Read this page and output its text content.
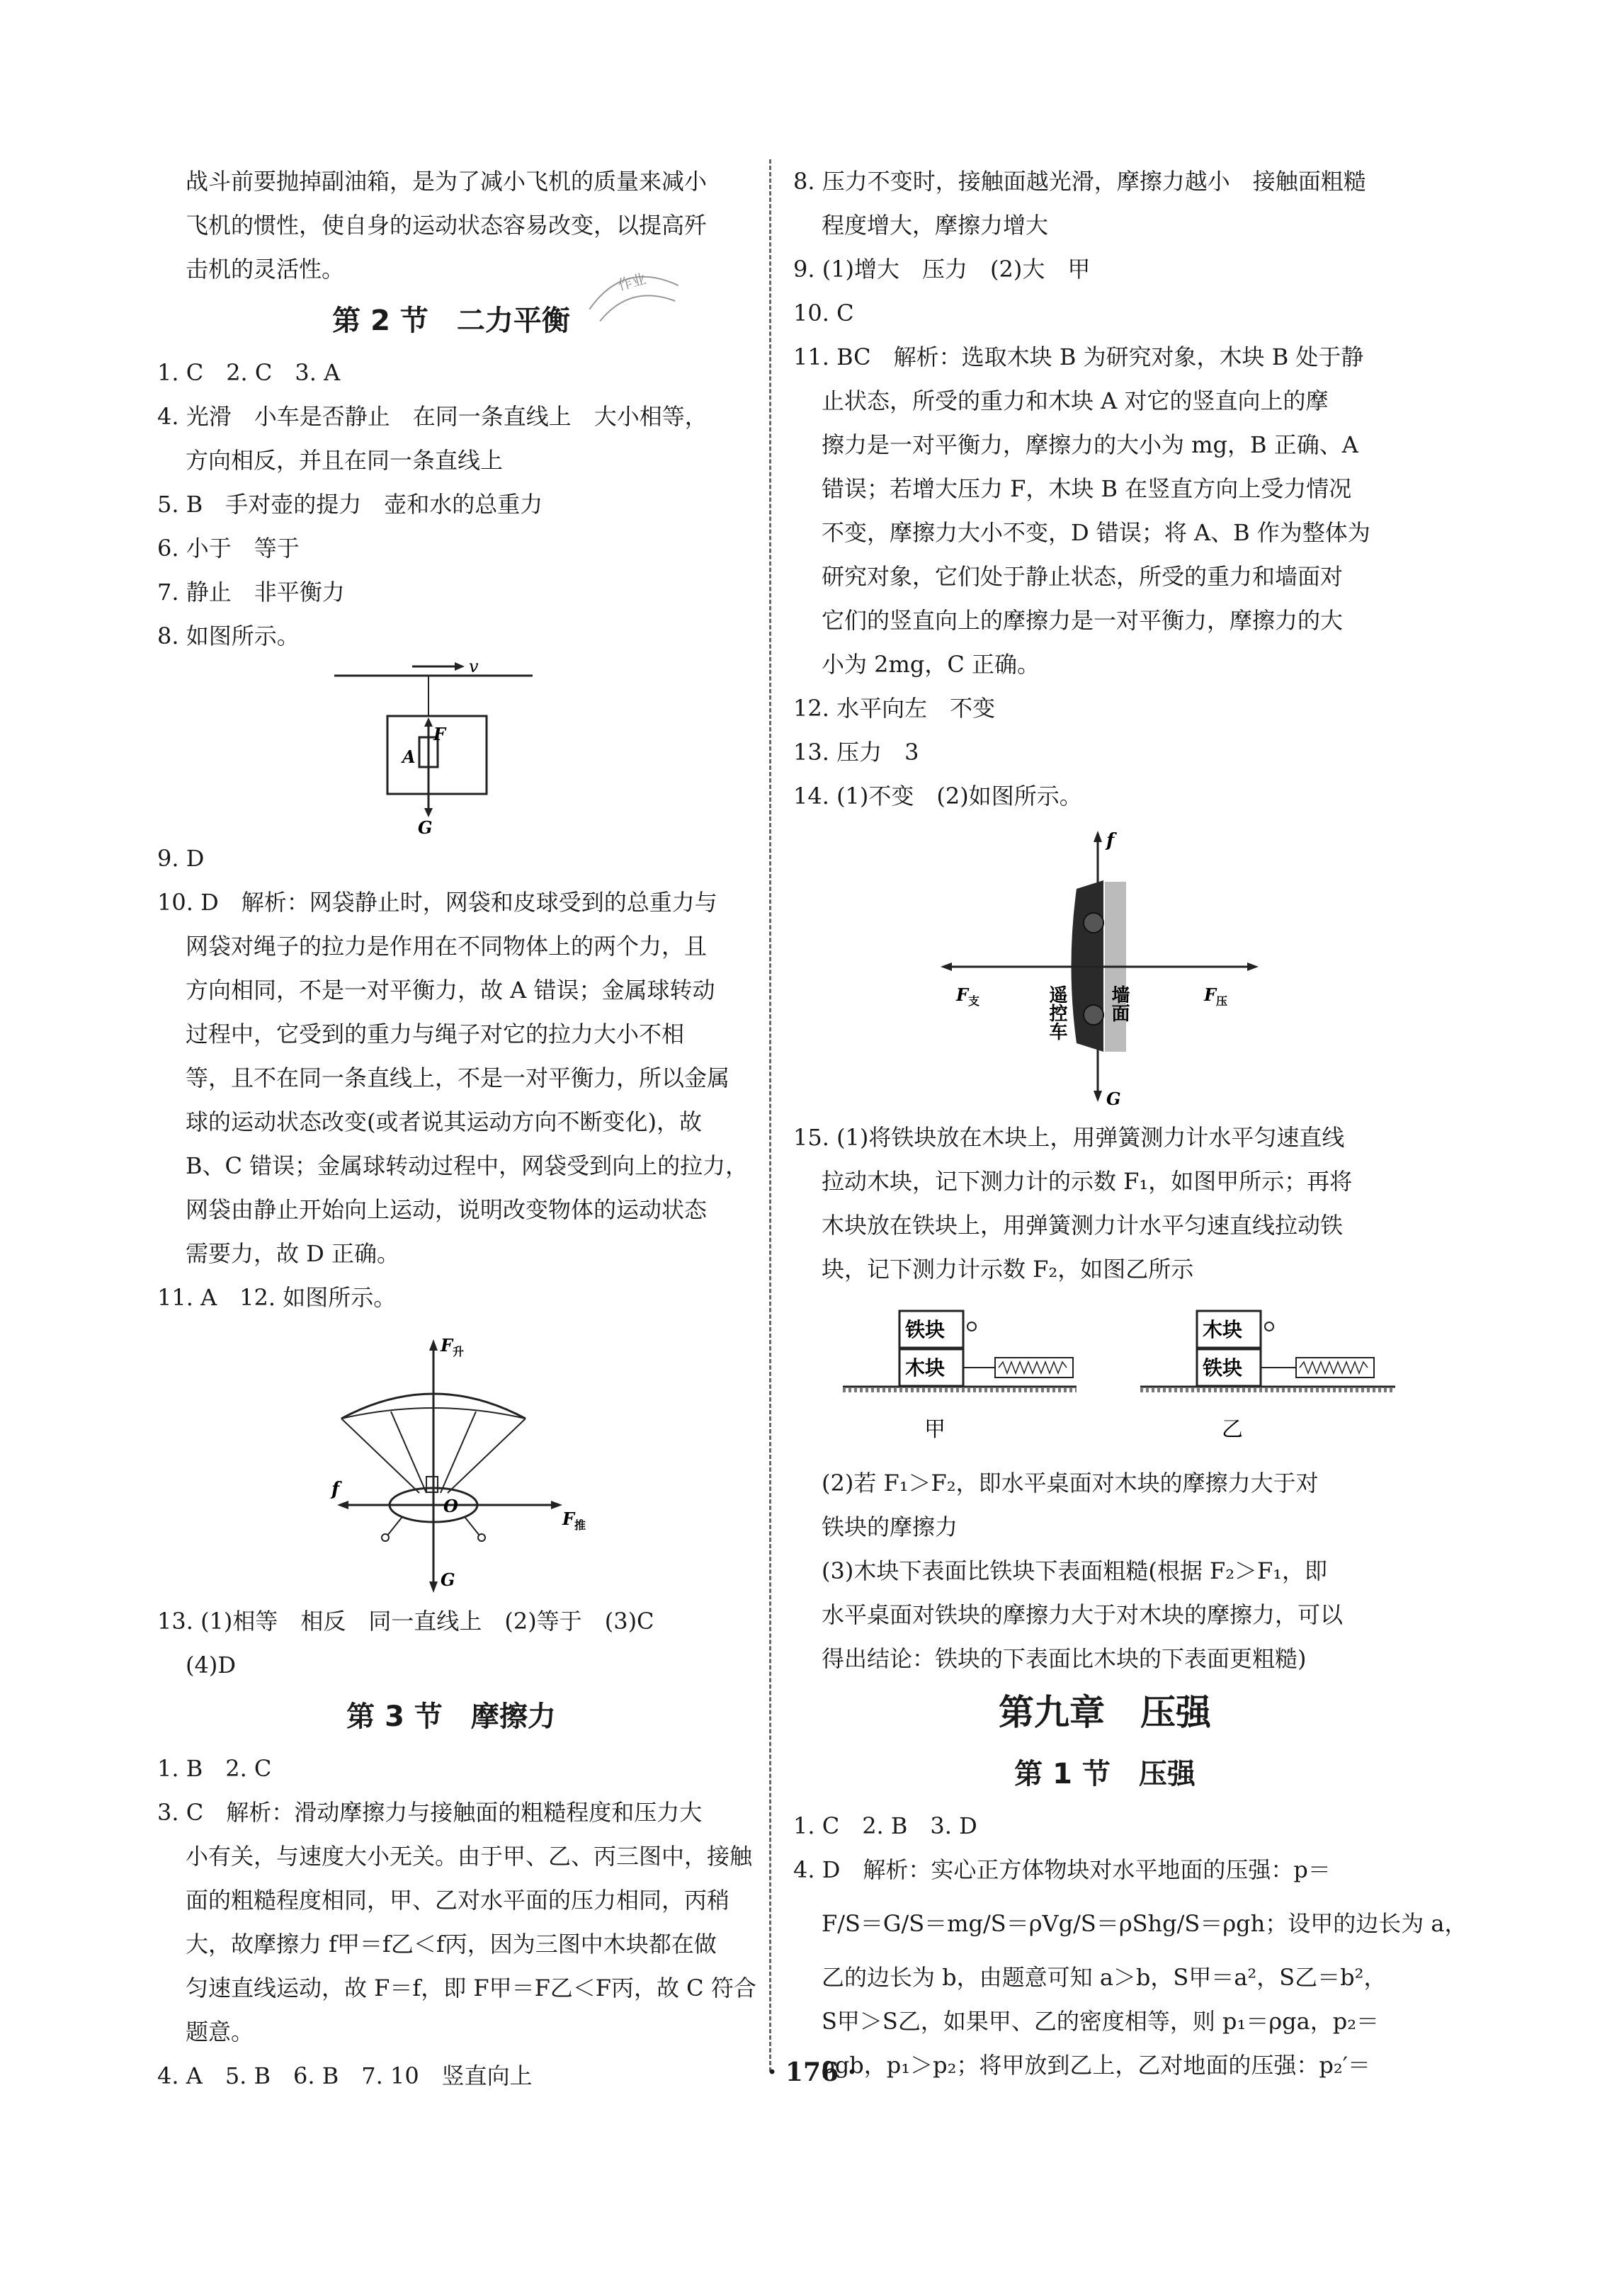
作业
战斗前要抛掉副油箱，是为了减小飞机的质量来减小
飞机的惯性，使自身的运动状态容易改变，以提高歼
击机的灵活性。
第 2 节　二力平衡
1. C　2. C　3. A
4. 光滑　小车是否静止　在同一条直线上　大小相等，
方向相反，并且在同一条直线上
5. B　手对壶的提力　壶和水的总重力
6. 小于　等于
7. 静止　非平衡力
8. 如图所示。
v
F
A
G
9. D
10. D　解析：网袋静止时，网袋和皮球受到的总重力与
网袋对绳子的拉力是作用在不同物体上的两个力，且
方向相同，不是一对平衡力，故 A 错误；金属球转动
过程中，它受到的重力与绳子对它的拉力大小不相
等，且不在同一条直线上，不是一对平衡力，所以金属
球的运动状态改变(或者说其运动方向不断变化)，故
B、C 错误；金属球转动过程中，网袋受到向上的拉力，
网袋由静止开始向上运动，说明改变物体的运动状态
需要力，故 D 正确。
11. A　12. 如图所示。
$F_升$
f
O
$F_推$
G
13. (1)相等　相反　同一直线上　(2)等于　(3)C
(4)D
第 3 节　摩擦力
1. B　2. C
3. C　解析：滑动摩擦力与接触面的粗糙程度和压力大
小有关，与速度大小无关。由于甲、乙、丙三图中，接触
面的粗糙程度相同，甲、乙对水平面的压力相同，丙稍
大，故摩擦力 f甲＝f乙＜f丙，因为三图中木块都在做
匀速直线运动，故 F＝f，即 F甲＝F乙＜F丙，故 C 符合
题意。
4. A　5. B　6. B　7. 10　竖直向上
8. 压力不变时，接触面越光滑，摩擦力越小　接触面粗糙
程度增大，摩擦力增大
9. (1)增大　压力　(2)大　甲
10. C
11. BC　解析：选取木块 B 为研究对象，木块 B 处于静
止状态，所受的重力和木块 A 对它的竖直向上的摩
擦力是一对平衡力，摩擦力的大小为 mg，B 正确、A
错误；若增大压力 F，木块 B 在竖直方向上受力情况
不变，摩擦力大小不变，D 错误；将 A、B 作为整体为
研究对象，它们处于静止状态，所受的重力和墙面对
它们的竖直向上的摩擦力是一对平衡力，摩擦力的大
小为 2mg，C 正确。
12. 水平向左　不变
13. 压力　3
14. (1)不变　(2)如图所示。
f
$F_支$	$F_压$
遥控车 墙面
G
15. (1)将铁块放在木块上，用弹簧测力计水平匀速直线
拉动木块，记下测力计的示数 F₁，如图甲所示；再将
木块放在铁块上，用弹簧测力计水平匀速直线拉动铁
块，记下测力计示数 F₂，如图乙所示
铁块
木块
甲
木块
铁块
乙
(2)若 F₁＞F₂，即水平桌面对木块的摩擦力大于对
铁块的摩擦力
(3)木块下表面比铁块下表面粗糙(根据 F₂＞F₁，即
水平桌面对铁块的摩擦力大于对木块的摩擦力，可以
得出结论：铁块的下表面比木块的下表面更粗糙)
第九章　压强
第 1 节　压强
1. C　2. B　3. D
4. D　解析：实心正方体物块对水平地面的压强：p＝
F/S＝G/S＝mg/S＝ρVg/S＝ρShg/S＝ρgh；设甲的边长为 a，
乙的边长为 b，由题意可知 a＞b，S甲＝a²，S乙＝b²，
S甲＞S乙，如果甲、乙的密度相等，则 p₁＝ρga，p₂＝
ρgb，p₁＞p₂；将甲放到乙上，乙对地面的压强：p₂′＝
· 176 ·
